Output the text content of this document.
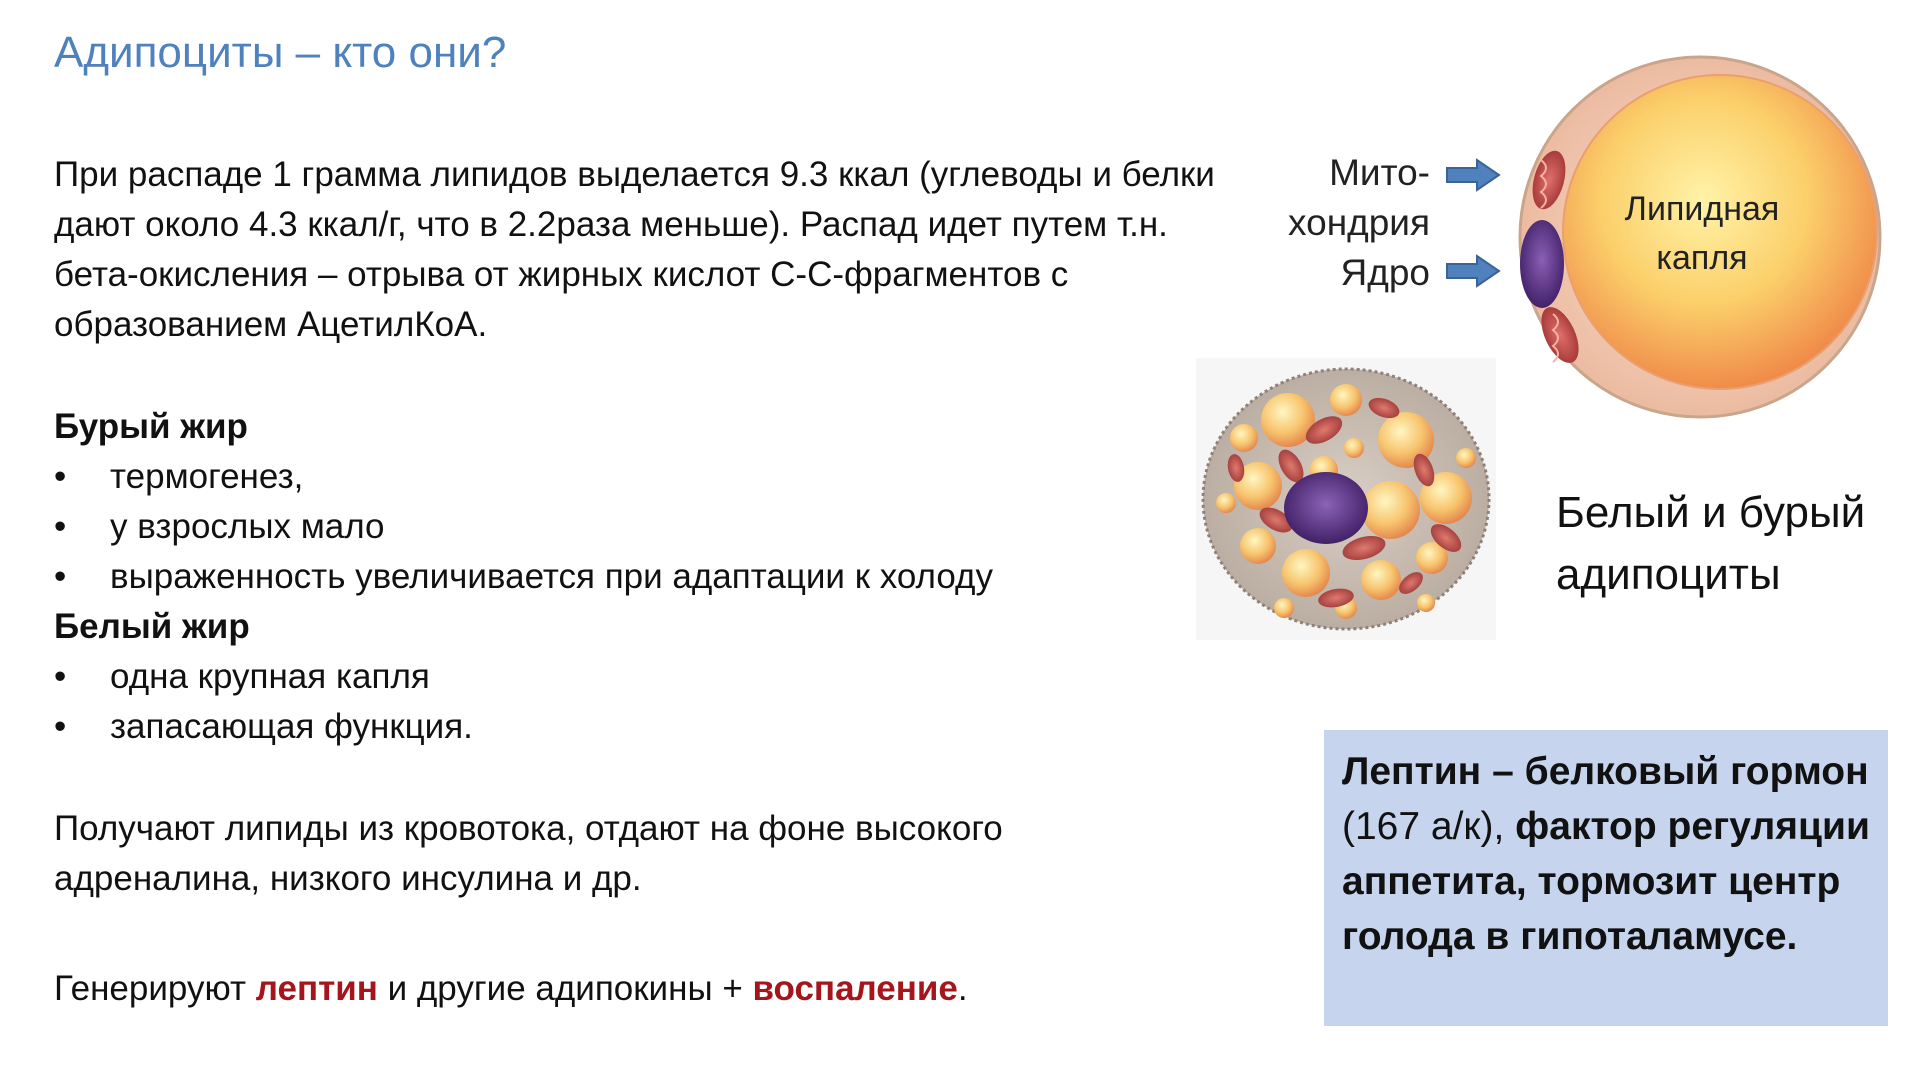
Адипоциты – кто они?
При распаде 1 грамма липидов выделается 9.3 ккал (углеводы и белки дают около 4.3 ккал/г, что в 2.2раза меньше). Распад идет путем т.н. бета-окисления – отрыва от жирных кислот С-С-фрагментов с образованием АцетилКоА.
Бурый жир
• термогенез,
• у взрослых мало
• выраженность увеличивается при адаптации к холоду
Белый жир
• одна крупная капля
• запасающая функция.
Получают липиды из кровотока, отдают на фоне высокого адреналина, низкого инсулина и др.
Генерируют лептин и другие адипокины + воспаление.
Липидная
капля
Мито-
хондрия
Ядро
Белый и бурый
адипоциты
Лептин – белковый гормон (167 а/к), фактор регуляции аппетита, тормозит центр голода в гипоталамусе.
